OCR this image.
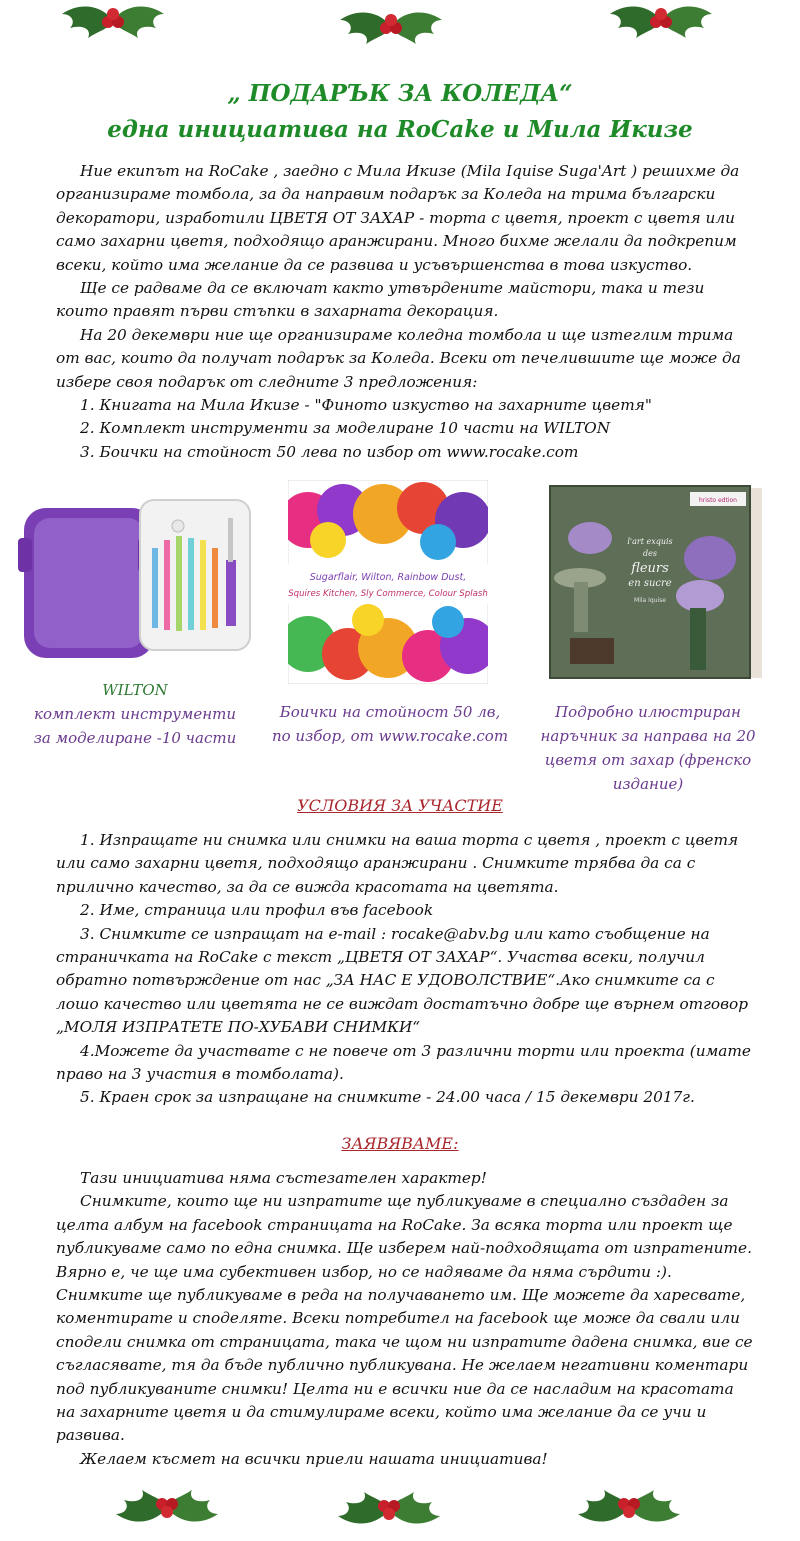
„ ПОДАРЪК ЗА КОЛЕДА“
една инициатива на RoCake и Мила Икизе

Ние екипът на RoCake , заедно с Мила Икизе (Mila Iquise Suga'Art ) решихме да организираме томбола, за да направим подарък за Коледа на трима български декоратори, изработили ЦВЕТЯ ОТ ЗАХАР - торта с цветя, проект с цветя или само захарни цветя, подходящо аранжирани. Много бихме желали да подкрепим всеки, който има желание да се развива и усъвършенства в това изкуство.

Ще сe радваме да се включат както утвърдените майстори, така и тези които правят първи стъпки в захарната декорация.

На 20 декември ние ще организираме коледна томбола и ще изтеглим трима от вас, които да получат подарък за Коледа. Всеки от печелившите ще може да избере своя подарък от следните 3 предложения:

1. Книгата на Мила Икизе - "Финото изкуство на захарните цветя"

2. Комплект инструменти за моделиране 10 части на WILTON

3. Боички на стойност 50 лева по избор от www.rocake.com

WILTON
комплект инструменти за моделиране -10 части
Sugarflair, Wilton, Rainbow Dust,
Squires Kitchen, Sly Commerce, Colour Splash
Боички на стойност 50 лв, по избор, от www.rocake.com
hristo edtion
l'art exquis
des
fleurs
en sucre
Mila Iquise
Подробно илюстриран наръчник за направа на 20 цветя от захар (френско издание)
УСЛОВИЯ ЗА УЧАСТИЕ

1. Изпращате ни снимка или снимки на ваша торта с цветя , проект с цветя или само захарни цветя, подходящо аранжирани . Снимките трябва да са с прилично качество, за да се вижда красотата на цветята.

2. Име, страница или профил във facebook

3. Снимките се изпращат на e-mail : rocake@abv.bg или като съобщение на страничката на RoCake с текст „ЦВЕТЯ ОТ ЗАХАР“. Участва всеки, получил обратно потвърждение от нас „ЗА НАС Е УДОВОЛСТВИЕ“.Ако снимките са с лошо качество или цветята не се виждат достатъчно добре ще върнем отговор „МОЛЯ ИЗПРАТЕТЕ ПО-ХУБАВИ СНИМКИ“

4.Можете да участвате с не повече от 3 различни торти или проекта (имате право на 3 участия в томболата).

5. Краен срок за изпращане на снимките - 24.00 часа / 15 декември 2017г.

ЗАЯВЯВАМЕ:

Тази инициатива няма състезателен характер!

Снимките, които ще ни изпратите ще публикуваме в специално създаден за целта албум на facebook страницата на RoCake. За всяка торта или проект ще публикуваме само по една снимка. Ще изберем най-подходящата от изпратените. Вярно е, че ще има субективен избор, но се надяваме да няма сърдити :). Снимките ще публикуваме в реда на получаването им. Ще можете да харесвате, коментирате и споделяте. Всеки потребител на facebook ще може да свали или сподели снимка от страницата, така че щом ни изпратите дадена снимка, вие се съгласявате, тя да бъде публично публикувана. Не желаем негативни коментари под публикуваните снимки! Целта ни е всички ние да се насладим на красотата на захарните цветя и да стимулираме всеки, който има желание да се учи и развива.

Желаем късмет на всички приели нашата инициатива!
